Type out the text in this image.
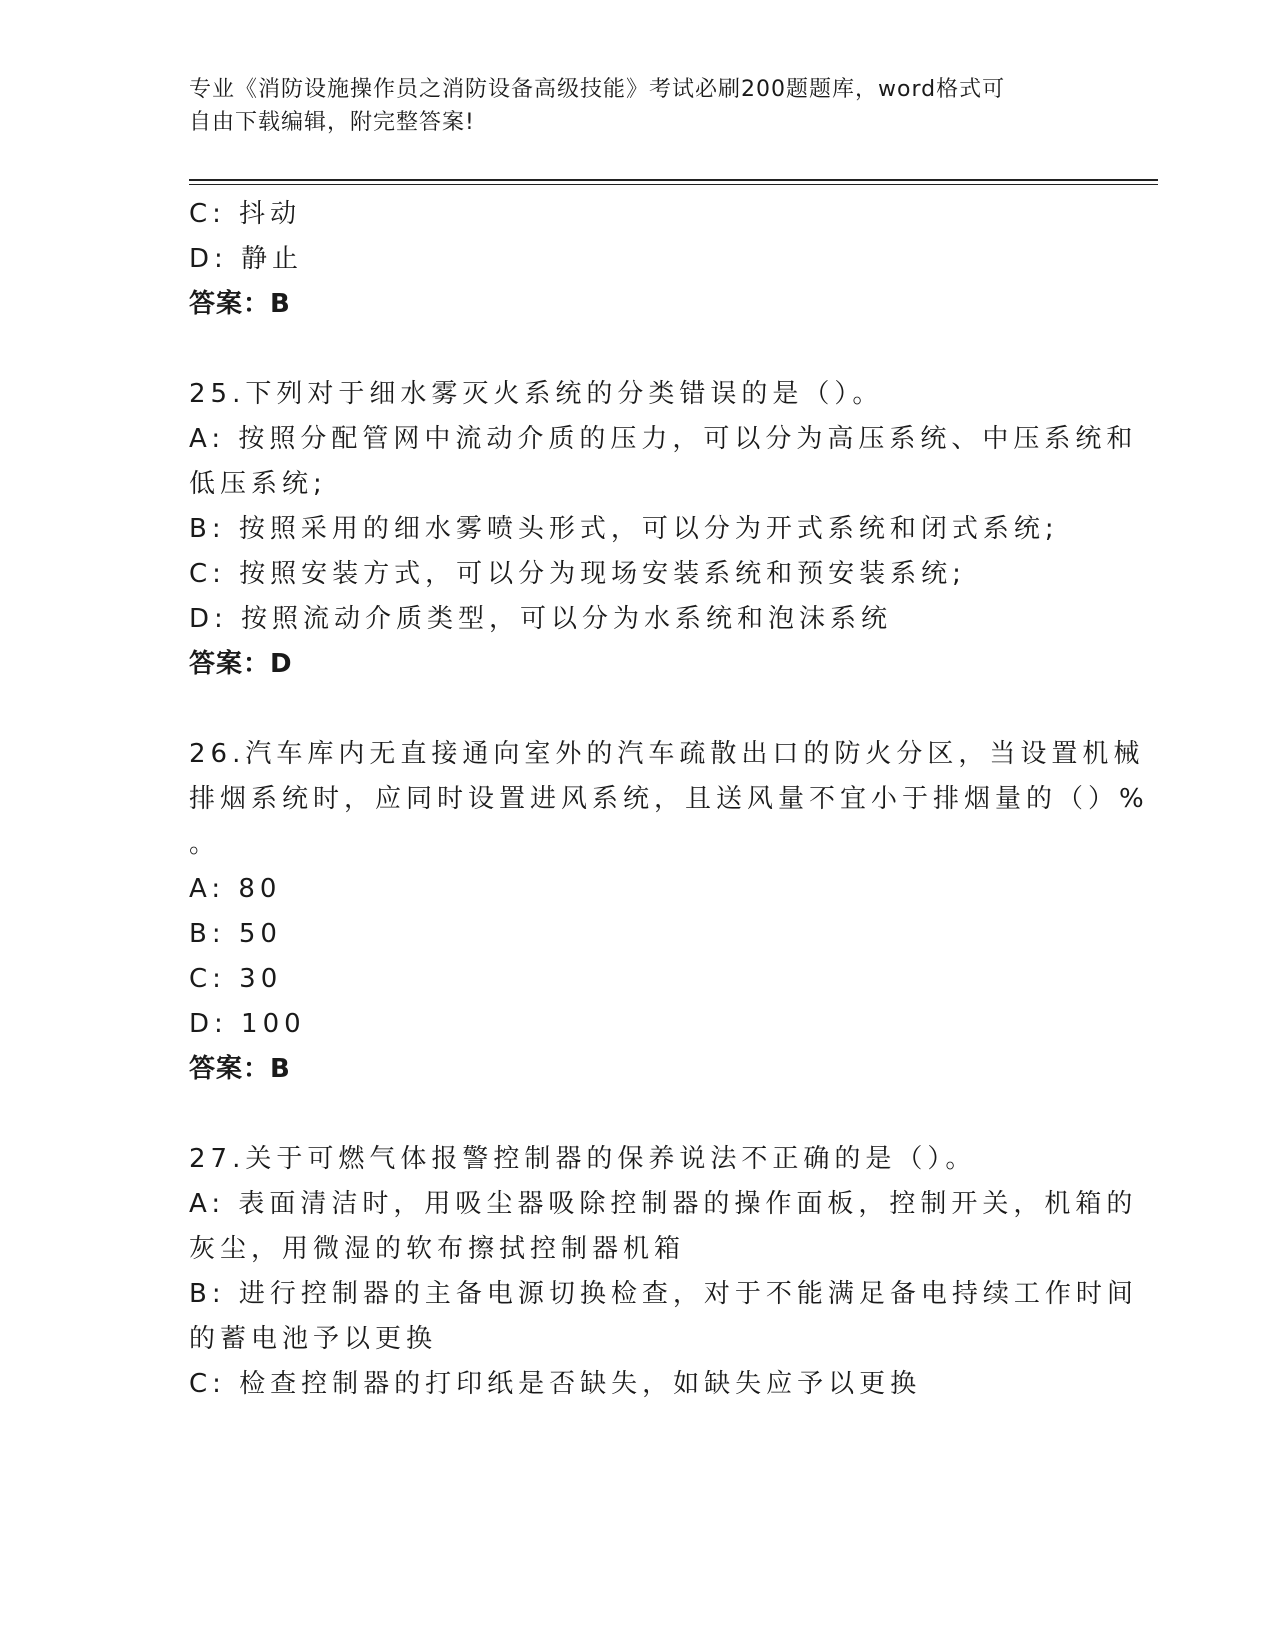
专业《消防设施操作员之消防设备高级技能》考试必刷200题题库，word格式可
自由下载编辑，附完整答案!
C: 抖动
D: 静止
答案：B
25.下列对于细水雾灭火系统的分类错误的是（）。
A: 按照分配管网中流动介质的压力，可以分为高压系统、中压系统和
低压系统;
B: 按照采用的细水雾喷头形式，可以分为开式系统和闭式系统;
C: 按照安装方式，可以分为现场安装系统和预安装系统;
D: 按照流动介质类型，可以分为水系统和泡沫系统
答案：D
26.汽车库内无直接通向室外的汽车疏散出口的防火分区，当设置机械
排烟系统时，应同时设置进风系统，且送风量不宜小于排烟量的（）%
。
A: 80
B: 50
C: 30
D: 100
答案：B
27.关于可燃气体报警控制器的保养说法不正确的是（）。
A: 表面清洁时，用吸尘器吸除控制器的操作面板，控制开关，机箱的
灰尘，用微湿的软布擦拭控制器机箱
B: 进行控制器的主备电源切换检查，对于不能满足备电持续工作时间
的蓄电池予以更换
C: 检查控制器的打印纸是否缺失，如缺失应予以更换
